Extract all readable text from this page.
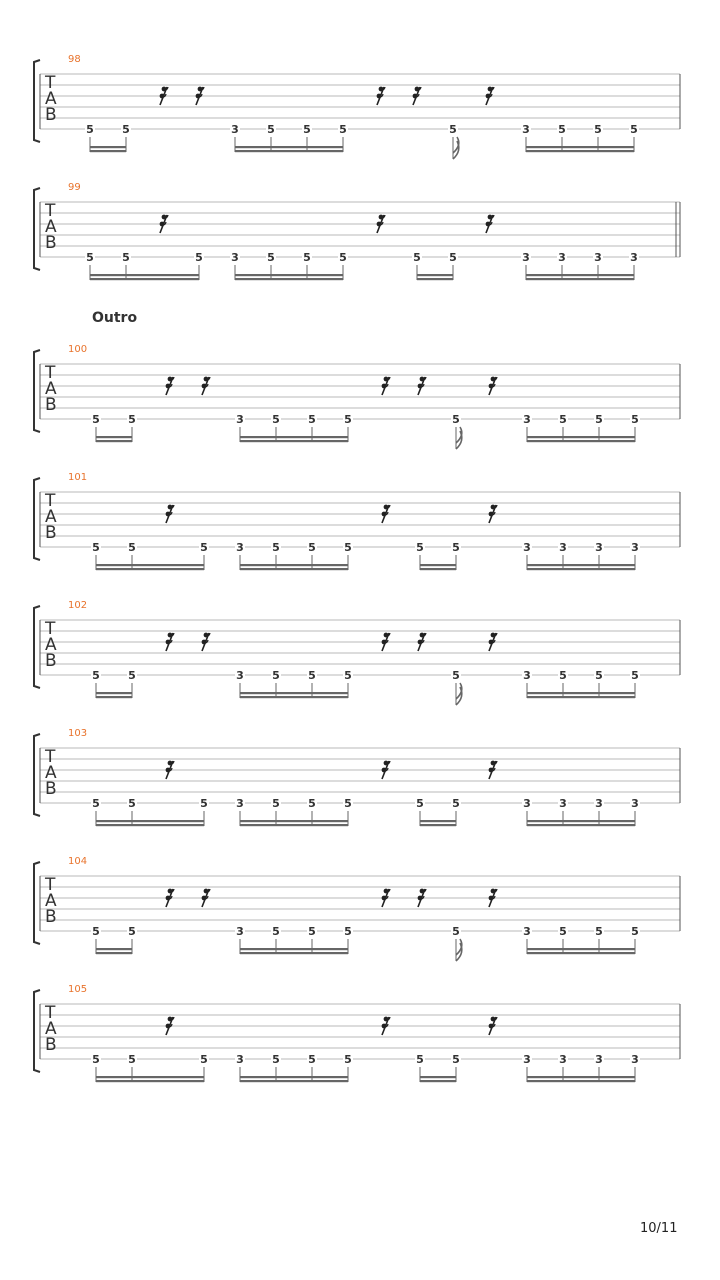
98
T
A
B
5	5	3	5	5	5	5	3	5	5	5
99
T
A
B
5	5	5	3	5	5	5	5	5	3	3	3	3
100
T
A
B
5	5	3	5	5	5	5	3	5	5	5
101
T
A
B
5	5	5	3	5	5	5	5	5	3	3	3	3
102
T
A
B
5	5	3	5	5	5	5	3	5	5	5
103
T
A
B
5	5	5	3	5	5	5	5	5	3	3	3	3
104
T
A
B
5	5	3	5	5	5	5	3	5	5	5
105
T
A
B
5	5	5	3	5	5	5	5	5	3	3	3	3
Outro
10/11
